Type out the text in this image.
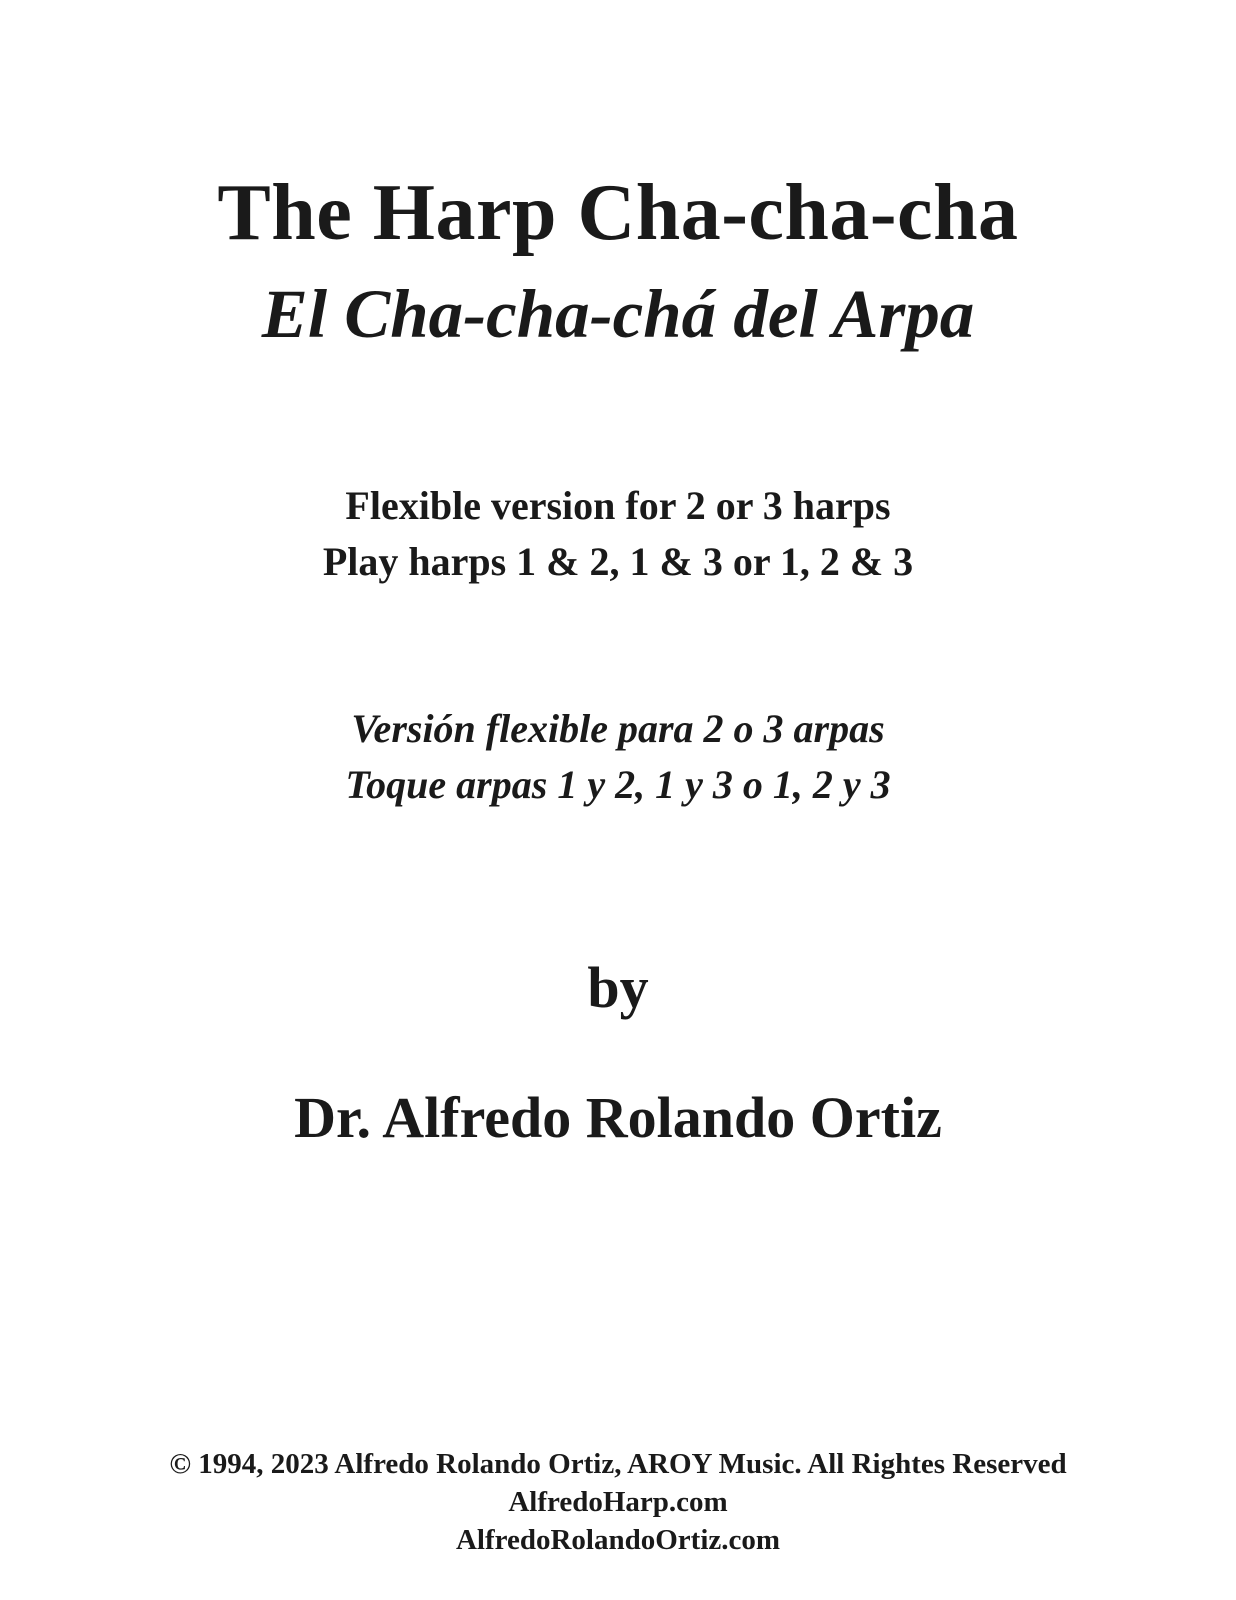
The Harp Cha-cha-cha
El Cha-cha-chá del Arpa

Flexible version for 2 or 3 harps

Play harps 1 & 2, 1 & 3 or 1, 2 & 3

Versión flexible para 2 o 3 arpas

Toque arpas 1 y 2, 1 y 3 o 1, 2 y 3

by

Dr. Alfredo Rolando Ortiz

© 1994, 2023 Alfredo Rolando Ortiz, AROY Music. All Rightes Reserved

AlfredoHarp.com

AlfredoRolandoOrtiz.com
